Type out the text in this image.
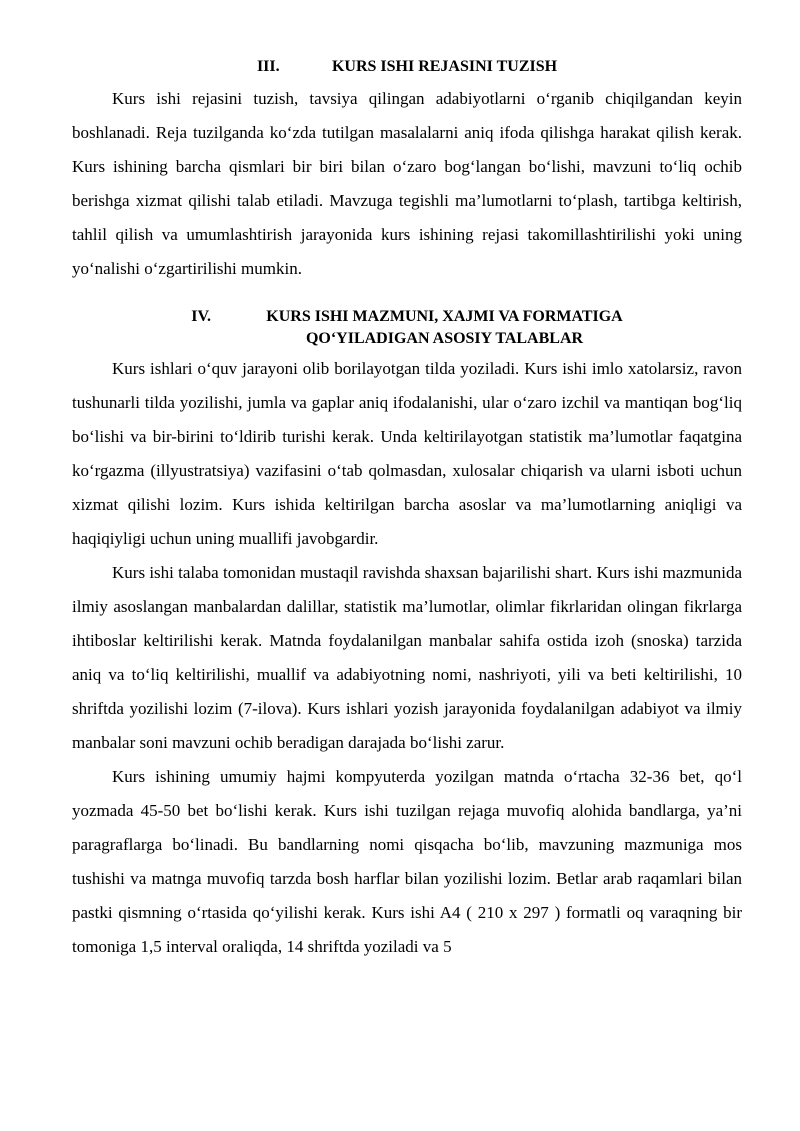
III.	KURS ISHI REJASINI TUZISH

Kurs ishi rejasini tuzish, tavsiya qilingan adabiyotlarni o‘rganib chiqilgandan keyin boshlanadi. Reja tuzilganda ko‘zda tutilgan masalalarni aniq ifoda qilishga harakat qilish kerak. Kurs ishining barcha qismlari bir biri bilan o‘zaro bog‘langan bo‘lishi, mavzuni to‘liq ochib berishga xizmat qilishi talab etiladi. Mavzuga tegishli ma’lumotlarni to‘plash, tartibga keltirish, tahlil qilish va umumlashtirish jarayonida kurs ishining rejasi takomillashtirilishi yoki uning yo‘nalishi o‘zgartirilishi mumkin.

IV.	KURS ISHI MAZMUNI, XAJMI VA FORMATIGA
QO‘YILADIGAN ASOSIY TALABLAR

Kurs ishlari o‘quv jarayoni olib borilayotgan tilda yoziladi. Kurs ishi imlo xatolarsiz, ravon tushunarli tilda yozilishi, jumla va gaplar aniq ifodalanishi, ular o‘zaro izchil va mantiqan bog‘liq bo‘lishi va bir-birini to‘ldirib turishi kerak. Unda keltirilayotgan statistik ma’lumotlar faqatgina ko‘rgazma (illyustratsiya) vazifasini o‘tab qolmasdan, xulosalar chiqarish va ularni isboti uchun xizmat qilishi lozim. Kurs ishida keltirilgan barcha asoslar va ma’lumotlarning aniqligi va haqiqiyligi uchun uning muallifi javobgardir.

Kurs ishi talaba tomonidan mustaqil ravishda shaxsan bajarilishi shart. Kurs ishi mazmunida ilmiy asoslangan manbalardan dalillar, statistik ma’lumotlar, olimlar fikrlaridan olingan fikrlarga ihtiboslar keltirilishi kerak. Matnda foydalanilgan manbalar sahifa ostida izoh (snoska) tarzida aniq va to‘liq keltirilishi, muallif va adabiyotning nomi, nashriyoti, yili va beti keltirilishi, 10 shriftda yozilishi lozim (7-ilova). Kurs ishlari yozish jarayonida foydalanilgan adabiyot va ilmiy manbalar soni mavzuni ochib beradigan darajada bo‘lishi zarur.

Kurs ishining umumiy hajmi kompyuterda yozilgan matnda o‘rtacha 32-36 bet, qo‘l yozmada 45-50 bet bo‘lishi kerak. Kurs ishi tuzilgan rejaga muvofiq alohida bandlarga, ya’ni paragraflarga bo‘linadi. Bu bandlarning nomi qisqacha bo‘lib, mavzuning mazmuniga mos tushishi va matnga muvofiq tarzda bosh harflar bilan yozilishi lozim. Betlar arab raqamlari bilan pastki qismning o‘rtasida qo‘yilishi kerak. Kurs ishi A4 ( 210 x 297 ) formatli oq varaqning bir tomoniga 1,5 interval oraliqda, 14 shriftda yoziladi va 5
